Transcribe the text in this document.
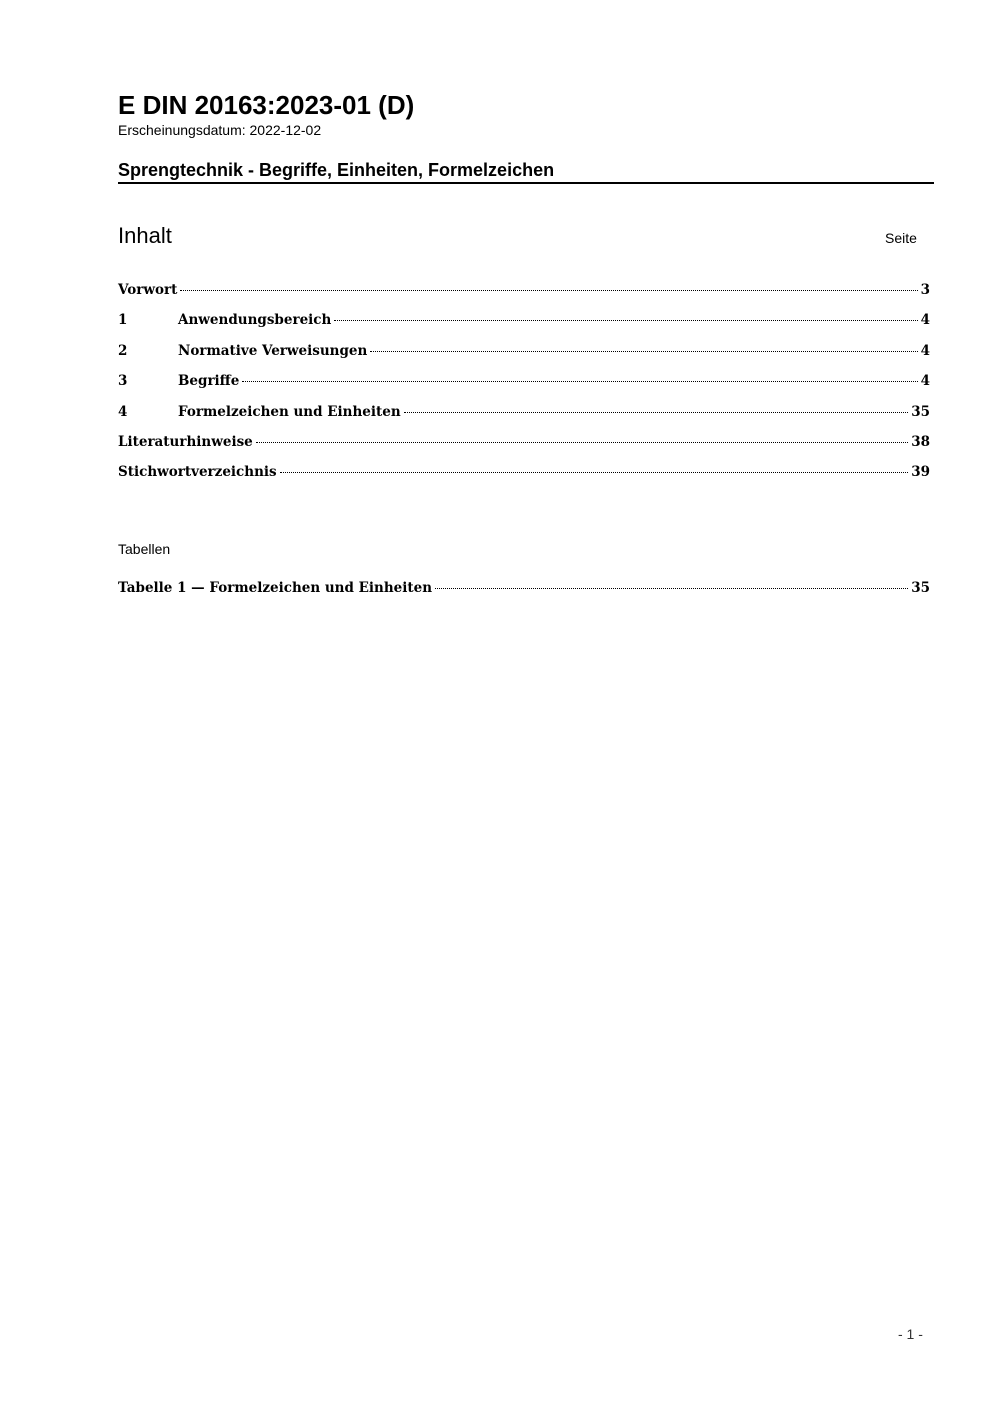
E DIN 20163:2023-01 (D)
Erscheinungsdatum: 2022-12-02
Sprengtechnik - Begriffe, Einheiten, Formelzeichen
Inhalt	Seite
Vorwort	3
1	Anwendungsbereich	4
2	Normative Verweisungen	4
3	Begriffe	4
4	Formelzeichen und Einheiten	35
Literaturhinweise	38
Stichwortverzeichnis	39
Tabellen
Tabelle 1 — Formelzeichen und Einheiten	35
- 1 -
